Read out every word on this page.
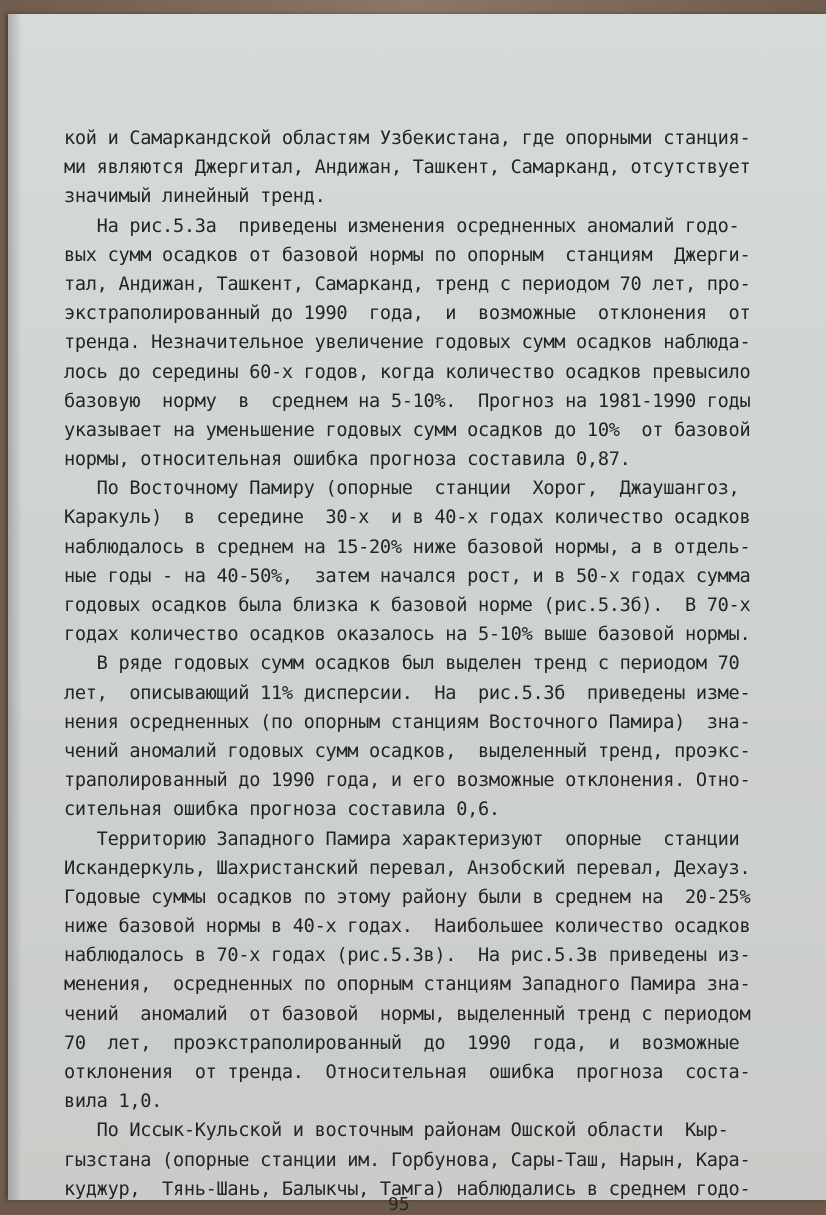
кой и Самаркандской областям Узбекистана, где опорными станция-
ми являются Джергитал, Андижан, Ташкент, Самарканд, отсутствует
значимый линейный тренд.
На рис.5.3а  приведены изменения осредненных аномалий годо-
вых сумм осадков от базовой нормы по опорным  станциям  Джерги-
тал, Андижан, Ташкент, Самарканд, тренд с периодом 70 лет, про-
экстраполированный до 1990  года,  и  возможные  отклонения  от
тренда. Незначительное увеличение годовых сумм осадков наблюда-
лось до середины 60-х годов, когда количество осадков превысило
базовую  норму  в  среднем на 5-10%.  Прогноз на 1981-1990 годы
указывает на уменьшение годовых сумм осадков до 10%  от базовой
нормы, относительная ошибка прогноза составила 0,87.
По Восточному Памиру (опорные  станции  Хорог,  Джаушангоз,
Каракуль)  в  середине  30-х  и в 40-х годах количество осадков
наблюдалось в среднем на 15-20% ниже базовой нормы, а в отдель-
ные годы - на 40-50%,  затем начался рост, и в 50-х годах сумма
годовых осадков была близка к базовой норме (рис.5.3б).  В 70-х
годах количество осадков оказалось на 5-10% выше базовой нормы.
В ряде годовых сумм осадков был выделен тренд с периодом 70
лет,  описывающий 11% дисперсии.  На  рис.5.3б  приведены изме-
нения осредненных (по опорным станциям Восточного Памира)  зна-
чений аномалий годовых сумм осадков,  выделенный тренд, проэкс-
траполированный до 1990 года, и его возможные отклонения. Отно-
сительная ошибка прогноза составила 0,6.
Территорию Западного Памира характеризуют  опорные  станции
Искандеркуль, Шахристанский перевал, Анзобский перевал, Дехауз.
Годовые суммы осадков по этому району были в среднем на  20-25%
ниже базовой нормы в 40-х годах.  Наибольшее количество осадков
наблюдалось в 70-х годах (рис.5.3в).  На рис.5.3в приведены из-
менения,  осредненных по опорным станциям Западного Памира зна-
чений  аномалий  от базовой  нормы, выделенный тренд с периодом
70  лет,  проэкстраполированный  до  1990  года,  и  возможные
отклонения  от тренда.  Относительная  ошибка  прогноза  соста-
вила 1,0.
По Иссык-Кульской и восточным районам Ошской области  Кыр-
гызстана (опорные станции им. Горбунова, Сары-Таш, Нарын, Кара-
куджур,  Тянь-Шань, Балыкчы, Тамга) наблюдались в среднем годо-
95
